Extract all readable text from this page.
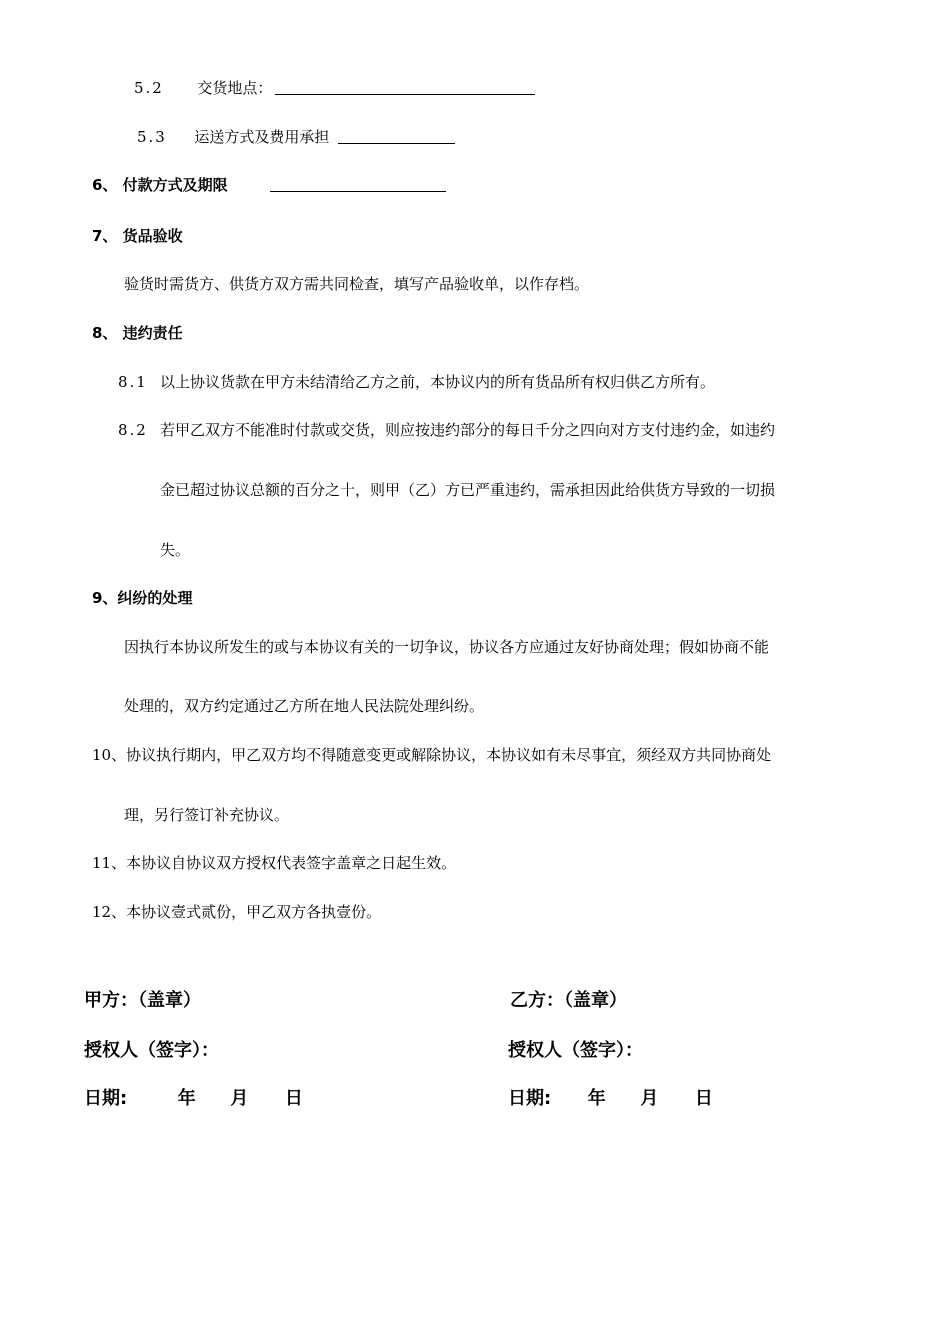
5.2 交货地点：
5.3 运送方式及费用承担
6、 付款方式及期限
7、 货品验收
验货时需货方、供货方双方需共同检查，填写产品验收单，以作存档。
8、 违约责任
8.1 以上协议货款在甲方未结清给乙方之前，本协议内的所有货品所有权归供乙方所有。
8.2 若甲乙双方不能准时付款或交货，则应按违约部分的每日千分之四向对方支付违约金，如违约
金已超过协议总额的百分之十，则甲（乙）方已严重违约，需承担因此给供货方导致的一切损
失。
9、纠纷的处理
因执行本协议所发生的或与本协议有关的一切争议，协议各方应通过友好协商处理；假如协商不能
处理的，双方约定通过乙方所在地人民法院处理纠纷。
10、协议执行期内，甲乙双方均不得随意变更或解除协议，本协议如有未尽事宜，须经双方共同协商处
理，另行签订补充协议。
11、本协议自协议双方授权代表签字盖章之日起生效。
12、本协议壹式贰份，甲乙双方各执壹份。
甲方：（盖章）
授权人（签字）：
日期:	年 月 日
乙方：（盖章）
授权人（签字）：
日期: 年 月 日
